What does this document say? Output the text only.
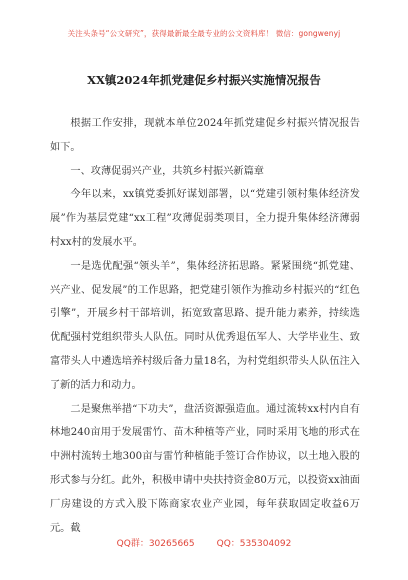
关注头条号“公文研究”，获得最新最全最专业的公文资料库！ 微信：gongwenyj
XX镇2024年抓党建促乡村振兴实施情况报告

根据工作安排，现就本单位2024年抓党建促乡村振兴情况报告如下。

一、攻薄促弱兴产业，共筑乡村振兴新篇章

今年以来，xx镇党委抓好谋划部署，以“党建引领村集体经济发展”作为基层党建“xx工程”攻薄促弱类项目，全力提升集体经济薄弱村xx村的发展水平。

一是选优配强“领头羊”，集体经济拓思路。紧紧围绕“抓党建、兴产业、促发展”的工作思路，把党建引领作为推动乡村振兴的“红色引擎”，开展乡村干部培训，拓宽致富思路、提升能力素养，持续选优配强村党组织带头人队伍。同时从优秀退伍军人、大学毕业生、致富带头人中遴选培养村级后备力量18名，为村党组织带头人队伍注入了新的活力和动力。

二是聚焦举措“下功夫”，盘活资源强造血。通过流转xx村内自有林地240亩用于发展雷竹、苗木种植等产业，同时采用飞地的形式在中洲村流转土地300亩与雷竹种植能手签订合作协议，以土地入股的形式参与分红。此外，积极申请中央扶持资金80万元，以投资xx油面厂房建设的方式入股下陈商家农业产业园，每年获取固定收益6万元。截

QQ群：30265665 QQ：535304092
